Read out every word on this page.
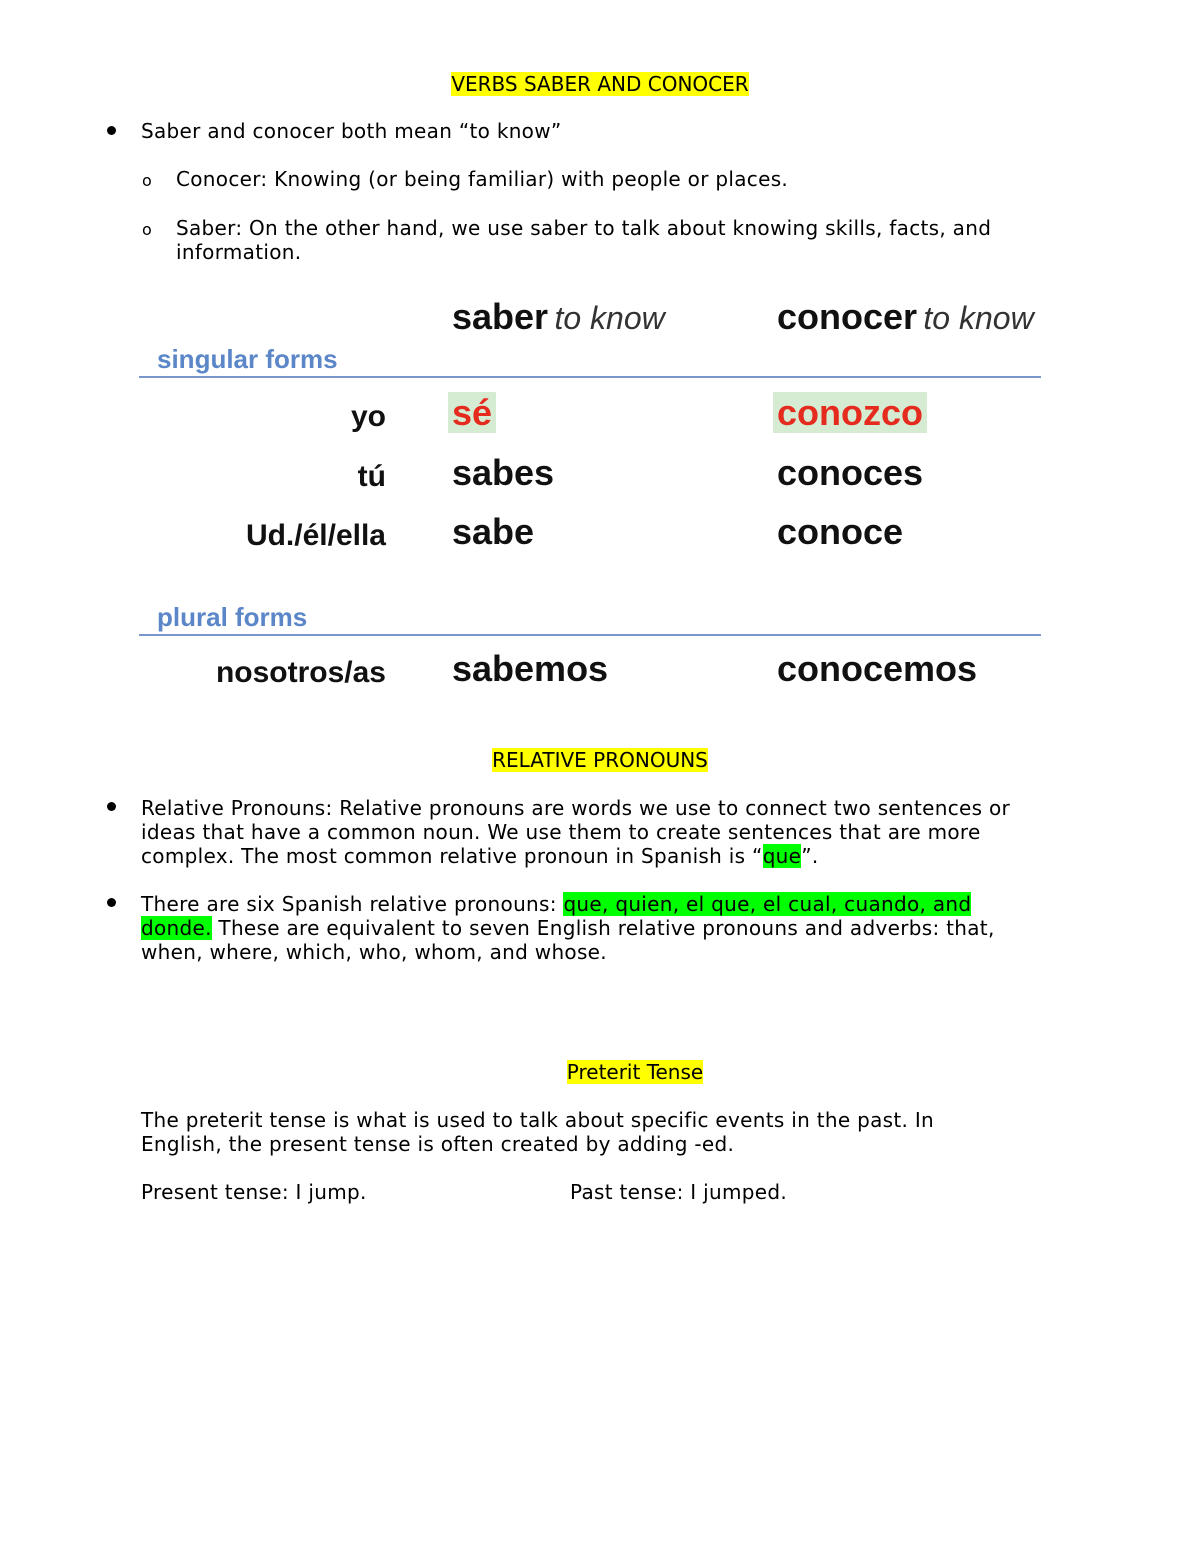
VERBS SABER AND CONOCER
Saber and conocer both mean “to know”
o Conocer: Knowing (or being familiar) with people or places.
o Saber: On the other hand, we use saber to talk about knowing skills, facts, and
information.
saber to know	conocer to know
singular forms
yo sé	conozco
tú sabes	conoces
Ud./él/ella sabe	conoce
plural forms
nosotros/as sabemos	conocemos
RELATIVE PRONOUNS
Relative Pronouns: Relative pronouns are words we use to connect two sentences or
ideas that have a common noun. We use them to create sentences that are more
complex. The most common relative pronoun in Spanish is “que”.
There are six Spanish relative pronouns: que, quien, el que, el cual, cuando, and
donde. These are equivalent to seven English relative pronouns and adverbs: that,
when, where, which, who, whom, and whose.
Preterit Tense
The preterit tense is what is used to talk about specific events in the past. In
English, the present tense is often created by adding -ed.
Present tense: I jump.	Past tense: I jumped.
